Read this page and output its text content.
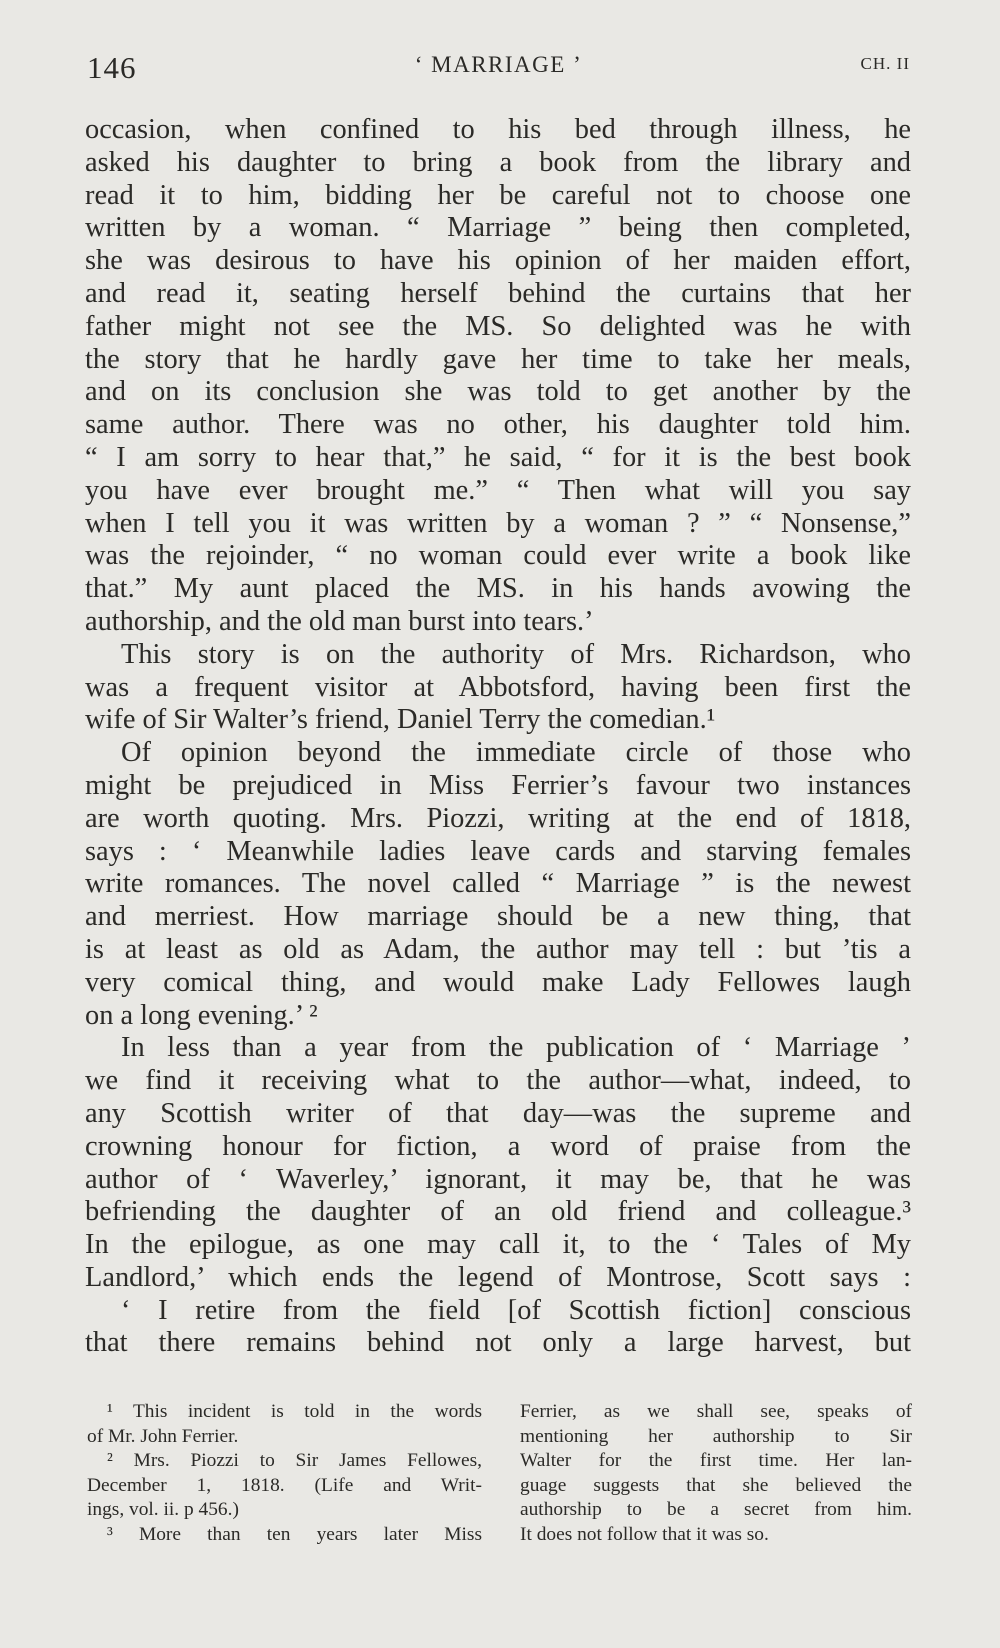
146	‘ MARRIAGE ’	CH. II
occasion, when confined to his bed through illness, he
asked his daughter to bring a book from the library and
read it to him, bidding her be careful not to choose one
written by a woman. “ Marriage ” being then completed,
she was desirous to have his opinion of her maiden effort,
and read it, seating herself behind the curtains that her
father might not see the MS. So delighted was he with
the story that he hardly gave her time to take her meals,
and on its conclusion she was told to get another by the
same author. There was no other, his daughter told him.
“ I am sorry to hear that,” he said, “ for it is the best book
you have ever brought me.” “ Then what will you say
when I tell you it was written by a woman ? ” “ Nonsense,”
was the rejoinder, “ no woman could ever write a book like
that.” My aunt placed the MS. in his hands avowing the
authorship, and the old man burst into tears.’
This story is on the authority of Mrs. Richardson, who
was a frequent visitor at Abbotsford, having been first the
wife of Sir Walter’s friend, Daniel Terry the comedian.¹
Of opinion beyond the immediate circle of those who
might be prejudiced in Miss Ferrier’s favour two instances
are worth quoting. Mrs. Piozzi, writing at the end of 1818,
says : ‘ Meanwhile ladies leave cards and starving females
write romances. The novel called “ Marriage ” is the newest
and merriest. How marriage should be a new thing, that
is at least as old as Adam, the author may tell : but ’tis a
very comical thing, and would make Lady Fellowes laugh
on a long evening.’ ²
In less than a year from the publication of ‘ Marriage ’
we find it receiving what to the author—what, indeed, to
any Scottish writer of that day—was the supreme and
crowning honour for fiction, a word of praise from the
author of ‘ Waverley,’ ignorant, it may be, that he was
befriending the daughter of an old friend and colleague.³
In the epilogue, as one may call it, to the ‘ Tales of My
Landlord,’ which ends the legend of Montrose, Scott says :
‘ I retire from the field [of Scottish fiction] conscious
that there remains behind not only a large harvest, but
¹ This incident is told in the words
of Mr. John Ferrier.
² Mrs. Piozzi to Sir James Fellowes,
December 1, 1818. (Life and Writ-
ings, vol. ii. p 456.)
³ More than ten years later Miss
Ferrier, as we shall see, speaks of
mentioning her authorship to Sir
Walter for the first time. Her lan-
guage suggests that she believed the
authorship to be a secret from him.
It does not follow that it was so.
